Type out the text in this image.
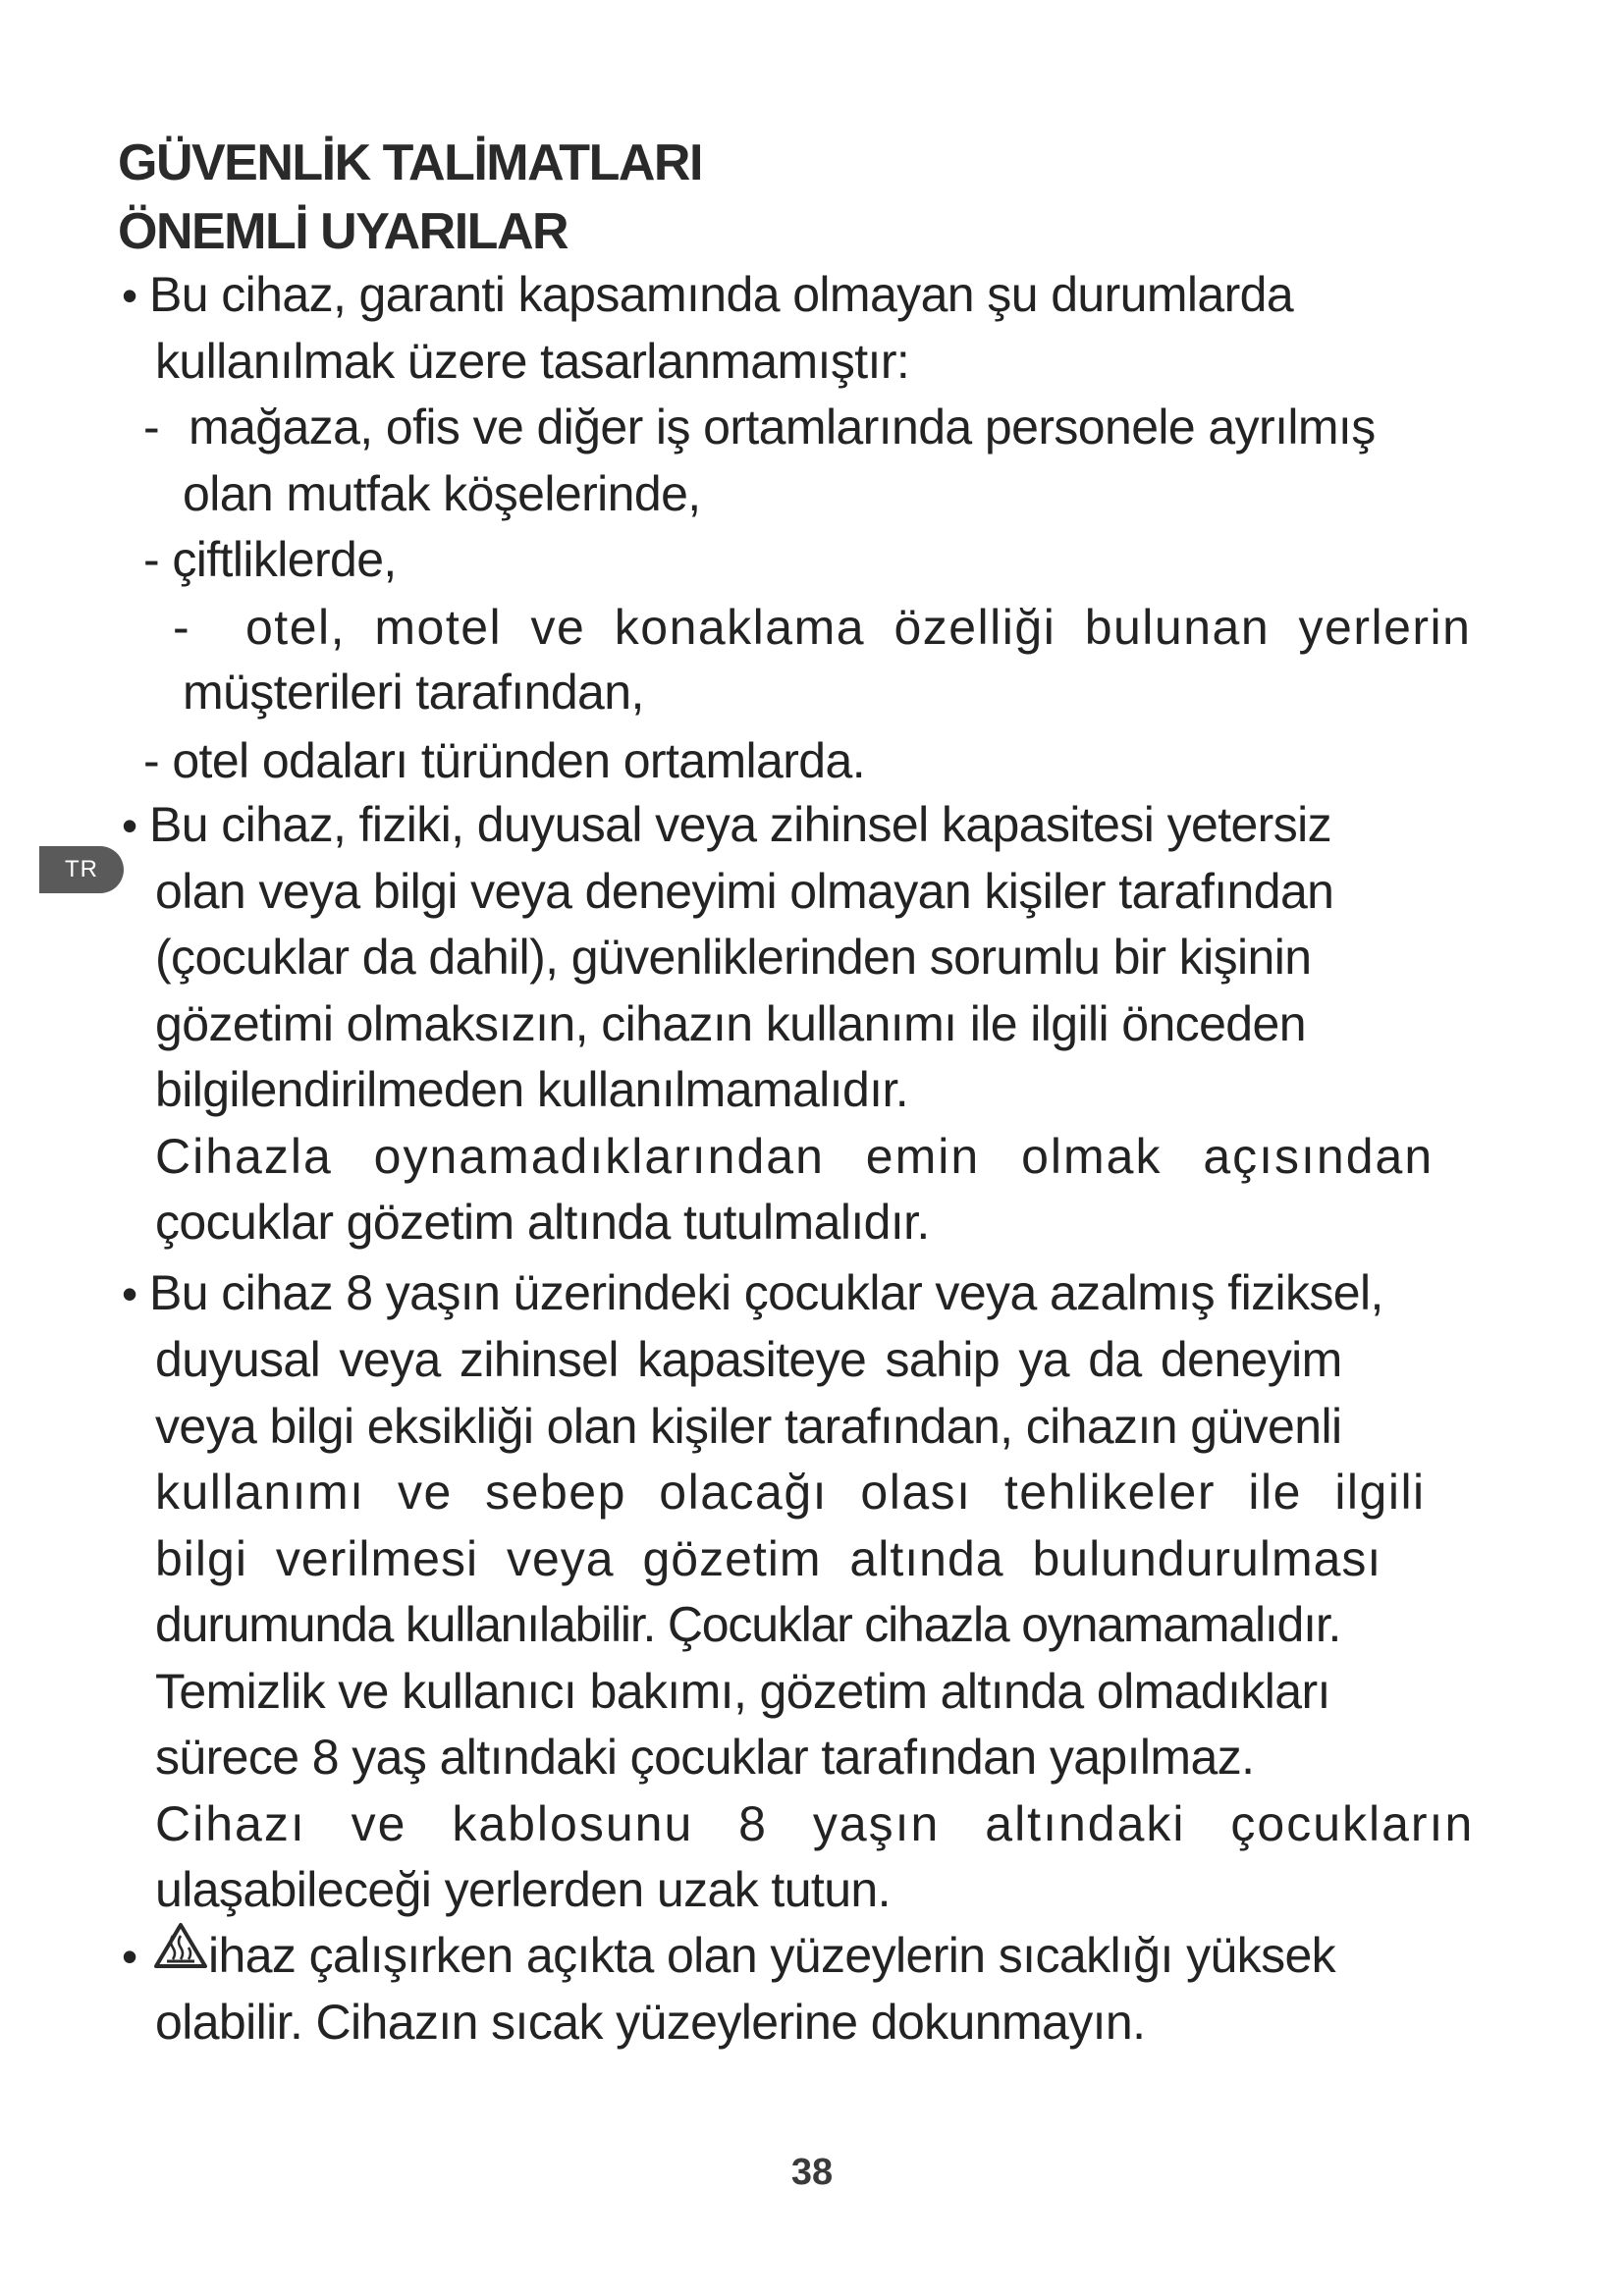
GÜVENLİK TALİMATLARI
ÖNEMLİ UYARILAR
TR
• Bu cihaz, garanti kapsamında olmayan şu durumlarda
kullanılmak üzere tasarlanmamıştır:
- mağaza, ofis ve diğer iş ortamlarında personele ayrılmış
olan mutfak köşelerinde,
- çiftliklerde,
- otel, motel ve konaklama özelliği bulunan yerlerin
müşterileri tarafından,
- otel odaları türünden ortamlarda.
• Bu cihaz, fiziki, duyusal veya zihinsel kapasitesi yetersiz
olan veya bilgi veya deneyimi olmayan kişiler tarafından
(çocuklar da dahil), güvenliklerinden sorumlu bir kişinin
gözetimi olmaksızın, cihazın kullanımı ile ilgili önceden
bilgilendirilmeden kullanılmamalıdır.
Cihazla oynamadıklarından emin olmak açısından
çocuklar gözetim altında tutulmalıdır.
• Bu cihaz 8 yaşın üzerindeki çocuklar veya azalmış fiziksel,
duyusal veya zihinsel kapasiteye sahip ya da deneyim
veya bilgi eksikliği olan kişiler tarafından, cihazın güvenli
kullanımı ve sebep olacağı olası tehlikeler ile ilgili
bilgi verilmesi veya gözetim altında bulundurulması
durumunda kullanılabilir. Çocuklar cihazla oynamamalıdır.
Temizlik ve kullanıcı bakımı, gözetim altında olmadıkları
sürece 8 yaş altındaki çocuklar tarafından yapılmaz.
Cihazı ve kablosunu 8 yaşın altındaki çocukların
ulaşabileceği yerlerden uzak tutun.
• ihaz çalışırken açıkta olan yüzeylerin sıcaklığı yüksek
olabilir. Cihazın sıcak yüzeylerine dokunmayın.
38
